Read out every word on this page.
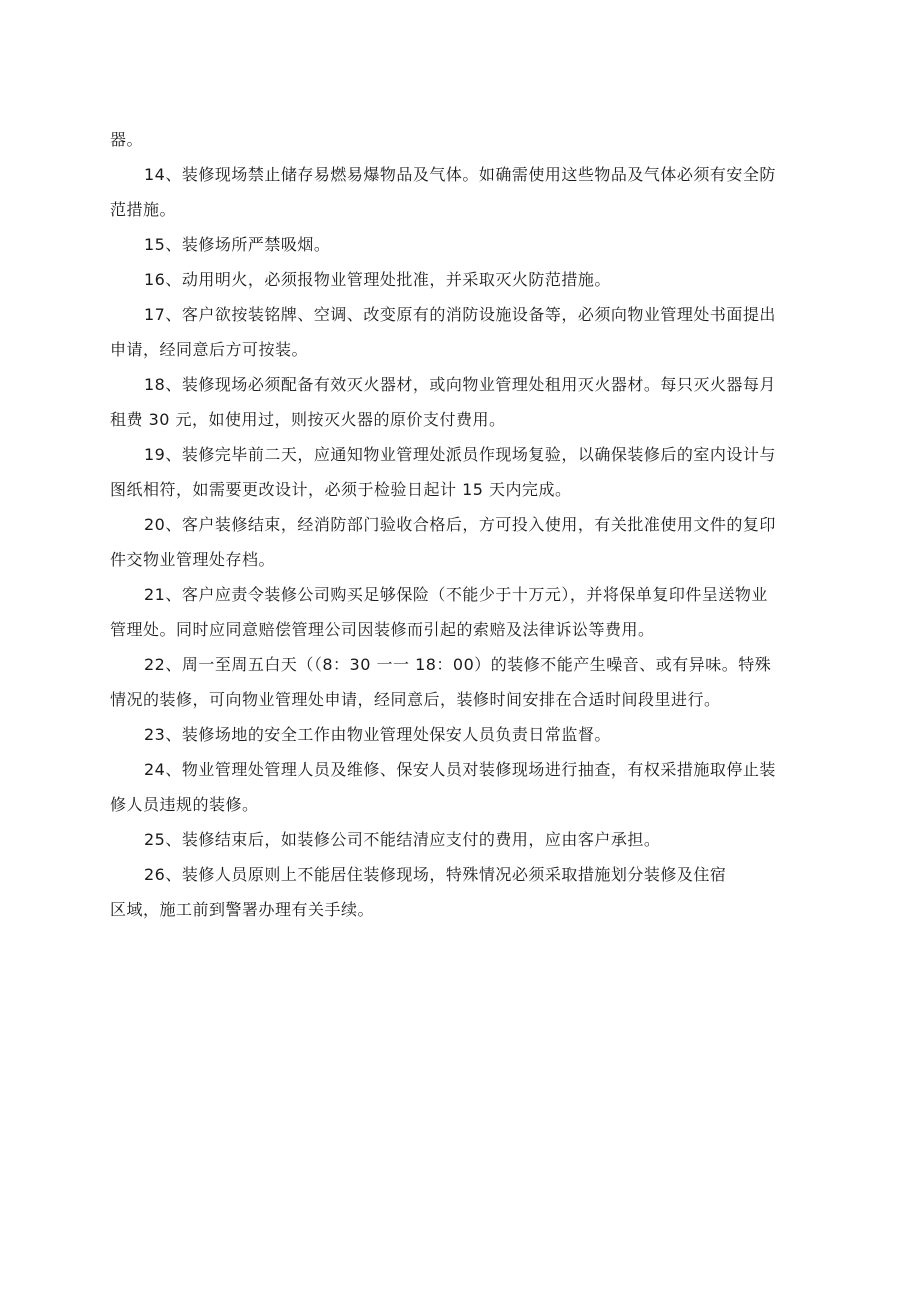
器。
14、装修现场禁止储存易燃易爆物品及气体。如确需使用这些物品及气体必须有安全防
范措施。
15、装修场所严禁吸烟。
16、动用明火，必须报物业管理处批准，并采取灭火防范措施。
17、客户欲按装铭牌、空调、改变原有的消防设施设备等，必须向物业管理处书面提出
申请，经同意后方可按装。
18、装修现场必须配备有效灭火器材，或向物业管理处租用灭火器材。每只灭火器每月
租费 30 元，如使用过，则按灭火器的原价支付费用。
19、装修完毕前二天，应通知物业管理处派员作现场复验，以确保装修后的室内设计与
图纸相符，如需要更改设计，必须于检验日起计 15 天内完成。
20、客户装修结束，经消防部门验收合格后，方可投入使用，有关批准使用文件的复印
件交物业管理处存档。
21、客户应责令装修公司购买足够保险（不能少于十万元），并将保单复印件呈送物业
管理处。同时应同意赔偿管理公司因装修而引起的索赔及法律诉讼等费用。
22、周一至周五白天（（8：30 一一 18：00）的装修不能产生噪音、或有异味。特殊
情况的装修，可向物业管理处申请，经同意后，装修时间安排在合适时间段里进行。
23、装修场地的安全工作由物业管理处保安人员负责日常监督。
24、物业管理处管理人员及维修、保安人员对装修现场进行抽查，有权采措施取停止装
修人员违规的装修。
25、装修结束后，如装修公司不能结清应支付的费用，应由客户承担。
26、装修人员原则上不能居住装修现场，特殊情况必须采取措施划分装修及住宿
区域，施工前到警署办理有关手续。
